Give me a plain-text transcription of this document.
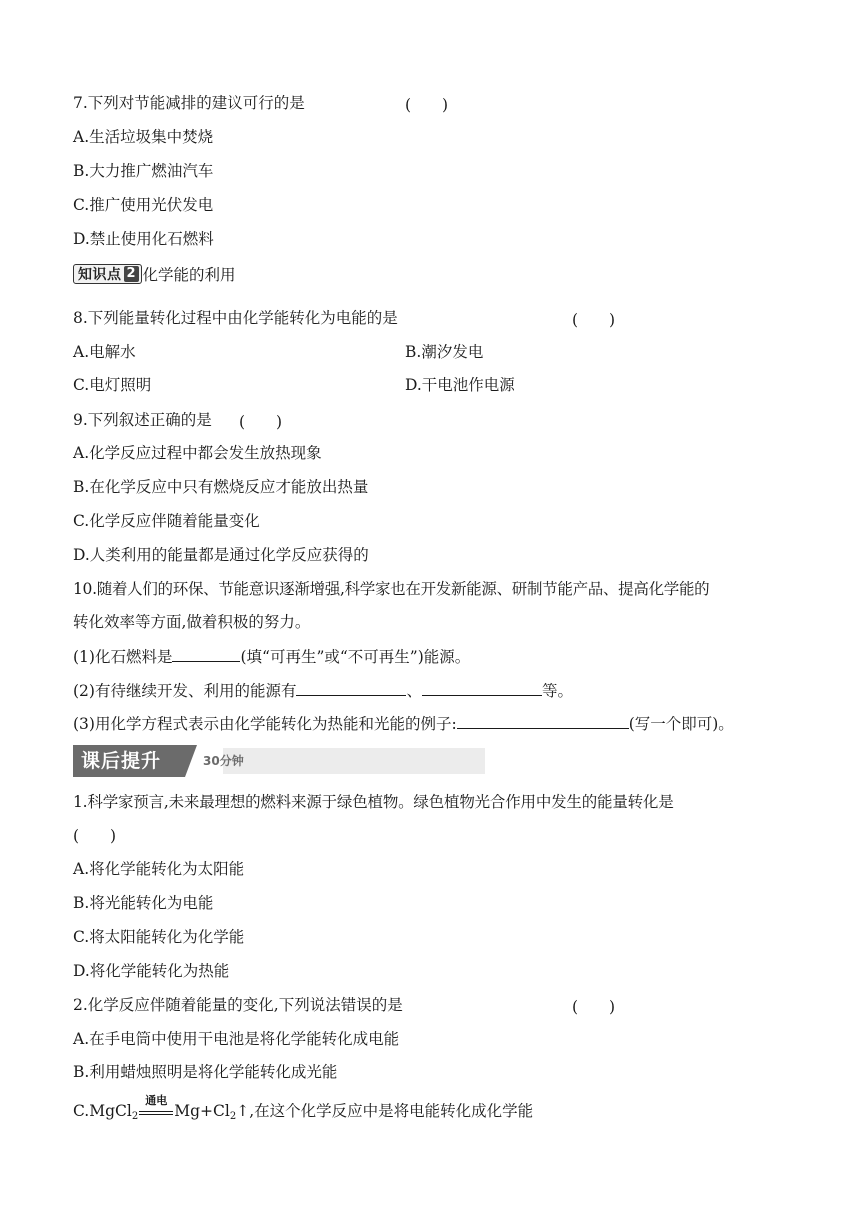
7.下列对节能减排的建议可行的是	(　　)
A.生活垃圾集中焚烧
B.大力推广燃油汽车
C.推广使用光伏发电
D.禁止使用化石燃料
知识点 2 化学能的利用
8.下列能量转化过程中由化学能转化为电能的是	(　　)
A.电解水	B.潮汐发电
C.电灯照明	D.干电池作电源
9.下列叙述正确的是 (　　)
A.化学反应过程中都会发生放热现象
B.在化学反应中只有燃烧反应才能放出热量
C.化学反应伴随着能量变化
D.人类利用的能量都是通过化学反应获得的
10.随着人们的环保、节能意识逐渐增强,科学家也在开发新能源、研制节能产品、提高化学能的
转化效率等方面,做着积极的努力。
(1)化石燃料是	(填“可再生”或“不可再生”)能源。
(2)有待继续开发、利用的能源有	、	等。
(3)用化学方程式表示由化学能转化为热能和光能的例子:	(写一个即可)。
课后提升	30分钟
1.科学家预言,未来最理想的燃料来源于绿色植物。绿色植物光合作用中发生的能量转化是
(　　)
A.将化学能转化为太阳能
B.将光能转化为电能
C.将太阳能转化为化学能
D.将化学能转化为热能
2.化学反应伴随着能量的变化,下列说法错误的是	(　　)
A.在手电筒中使用干电池是将化学能转化成电能
B.利用蜡烛照明是将化学能转化成光能
C.MgCl$_2$
通电
$Mg+Cl_2↑$,在这个化学反应中是将电能转化成化学能
